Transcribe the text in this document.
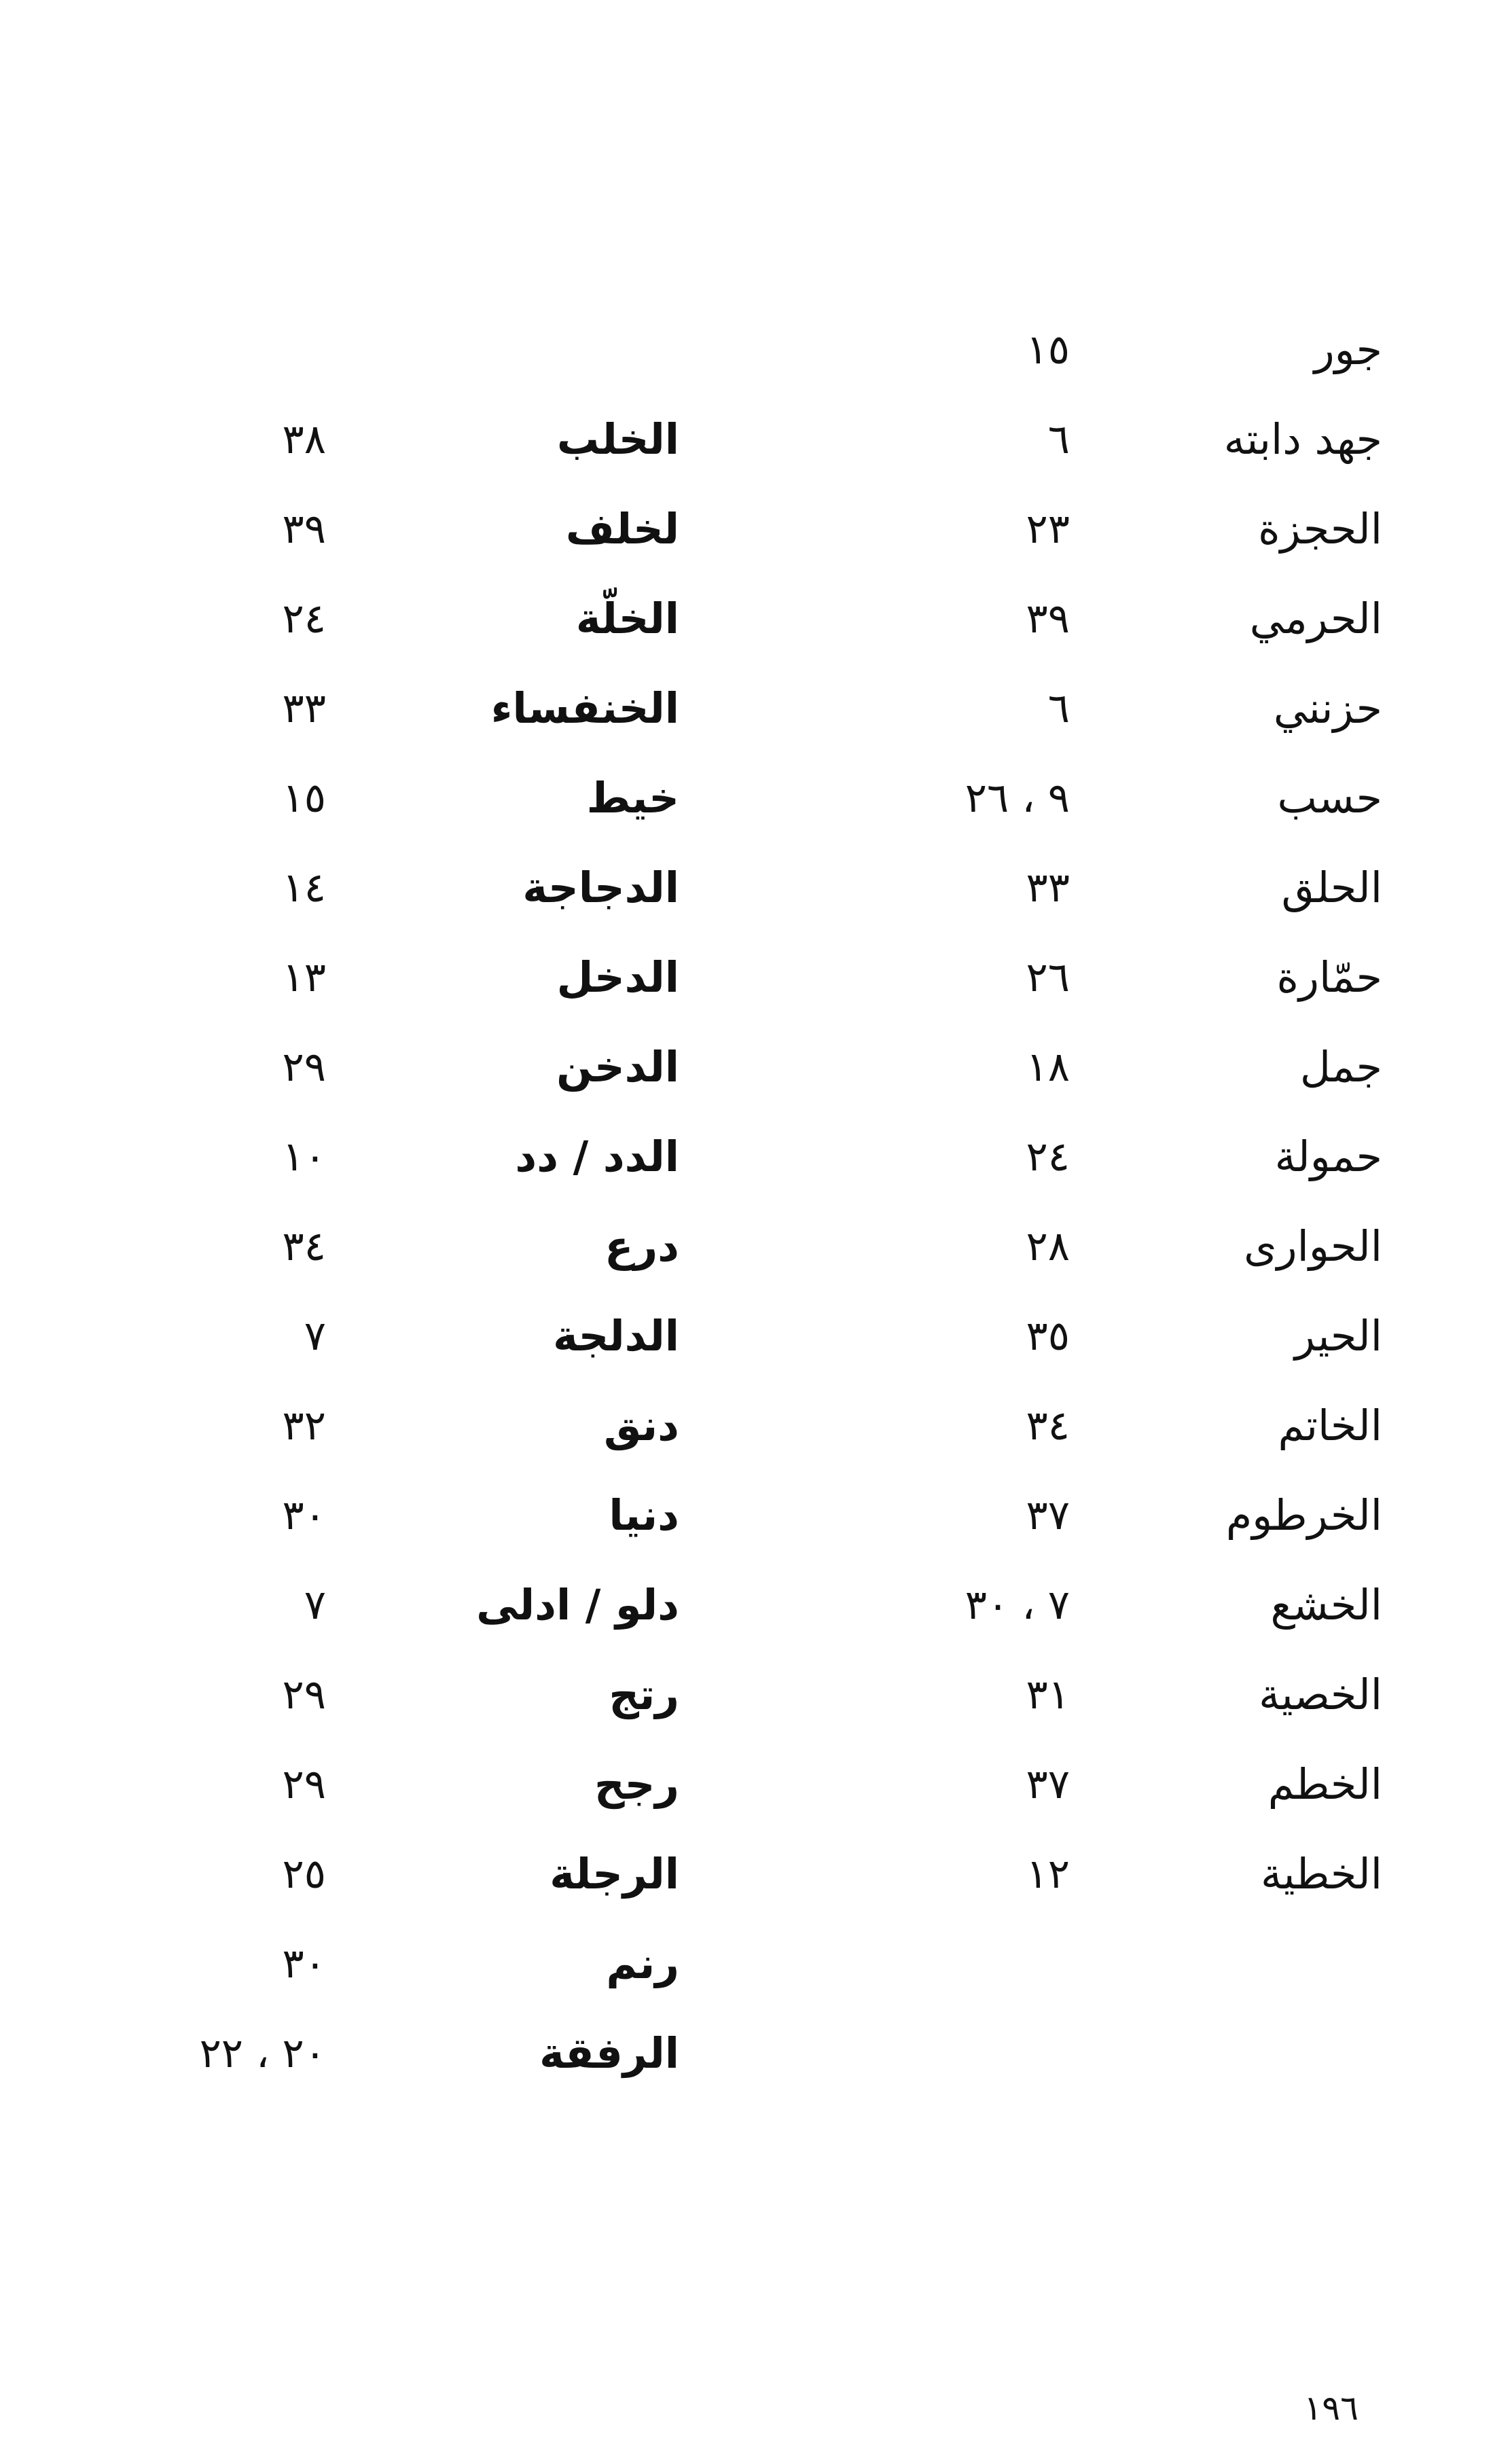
جور
١٥
جهد دابته
٦
الحجزة
٢٣
الحرمي
٣٩
حزنني
٦
حسب
٩ ، ٢٦
الحلق
٣٣
حمّارة
٢٦
جمل
١٨
حمولة
٢٤
الحوارى
٢٨
الحير
٣٥
الخاتم
٣٤
الخرطوم
٣٧
الخشع
٧ ، ٣٠
الخصية
٣١
الخطم
٣٧
الخطية
١٢
الخلب
٣٨
لخلف
٣٩
الخلّة
٢٤
الخنفساء
٣٣
خيط
١٥
الدجاجة
١٤
الدخل
١٣
الدخن
٢٩
الدد / دد
١٠
درع
٣٤
الدلجة
٧
دنق
٣٢
دنيا
٣٠
دلو / ادلى
٧
رتج
٢٩
رجح
٢٩
الرجلة
٢٥
رنم
٣٠
الرفقة
٢٠ ، ٢٢
١٩٦
